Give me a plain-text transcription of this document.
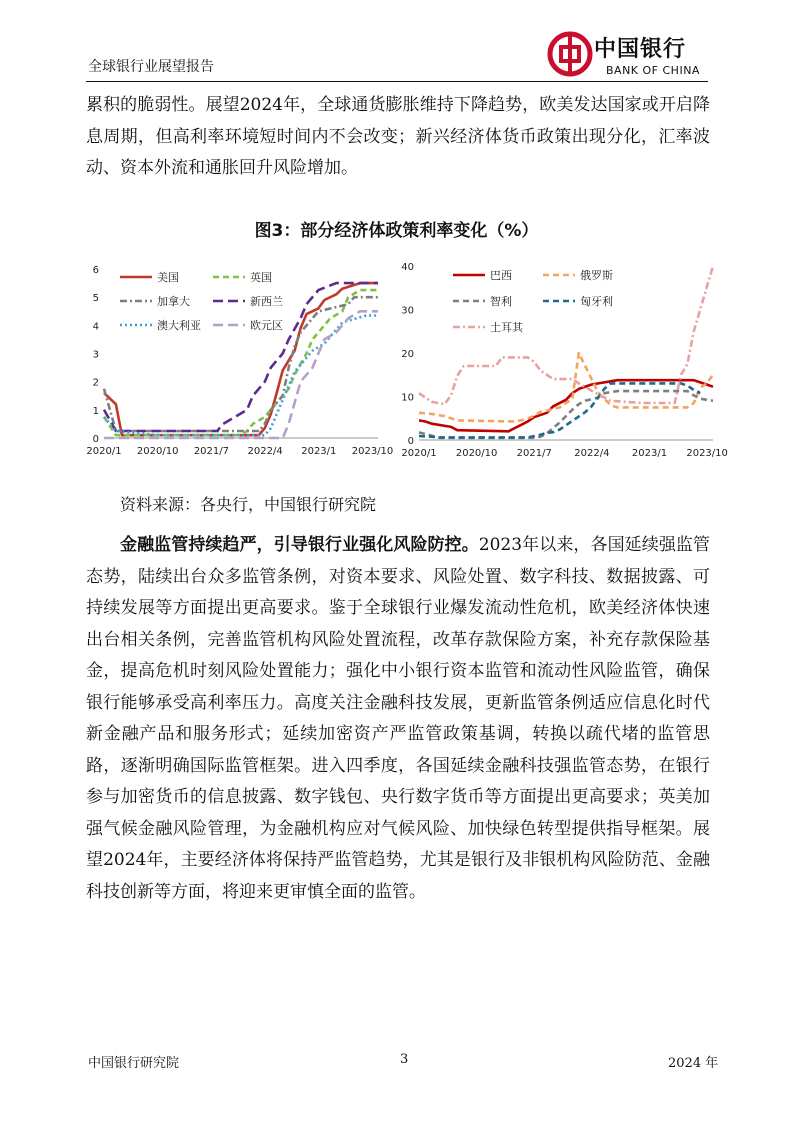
全球银行业展望报告
中国银行
BANK OF CHINA

累积的脆弱性。展望2024年，全球通货膨胀维持下降趋势，欧美发达国家或开启降息周期，但高利率环境短时间内不会改变；新兴经济体货币政策出现分化，汇率波动、资本外流和通胀回升风险增加。

图3：部分经济体政策利率变化（%）
0
1
2
3
4
5
6
2020/1 2020/10 2021/7 2022/4 2023/1 2023/10
美国	英国
加拿大	新西兰
澳大利亚	欧元区
0
10
20
30
40
2020/1 2020/10 2021/7 2022/4 2023/1 2023/10
巴西	俄罗斯
智利	匈牙利
土耳其
资料来源：各央行，中国银行研究院

金融监管持续趋严，引导银行业强化风险防控。2023年以来，各国延续强监管态势，陆续出台众多监管条例，对资本要求、风险处置、数字科技、数据披露、可持续发展等方面提出更高要求。鉴于全球银行业爆发流动性危机，欧美经济体快速出台相关条例，完善监管机构风险处置流程，改革存款保险方案，补充存款保险基金，提高危机时刻风险处置能力；强化中小银行资本监管和流动性风险监管，确保银行能够承受高利率压力。高度关注金融科技发展，更新监管条例适应信息化时代新金融产品和服务形式；延续加密资产严监管政策基调，转换以疏代堵的监管思路，逐渐明确国际监管框架。进入四季度，各国延续金融科技强监管态势，在银行参与加密货币的信息披露、数字钱包、央行数字货币等方面提出更高要求；英美加强气候金融风险管理，为金融机构应对气候风险、加快绿色转型提供指导框架。展望2024年，主要经济体将保持严监管趋势，尤其是银行及非银机构风险防范、金融科技创新等方面，将迎来更审慎全面的监管。

中国银行研究院	3	2024 年
